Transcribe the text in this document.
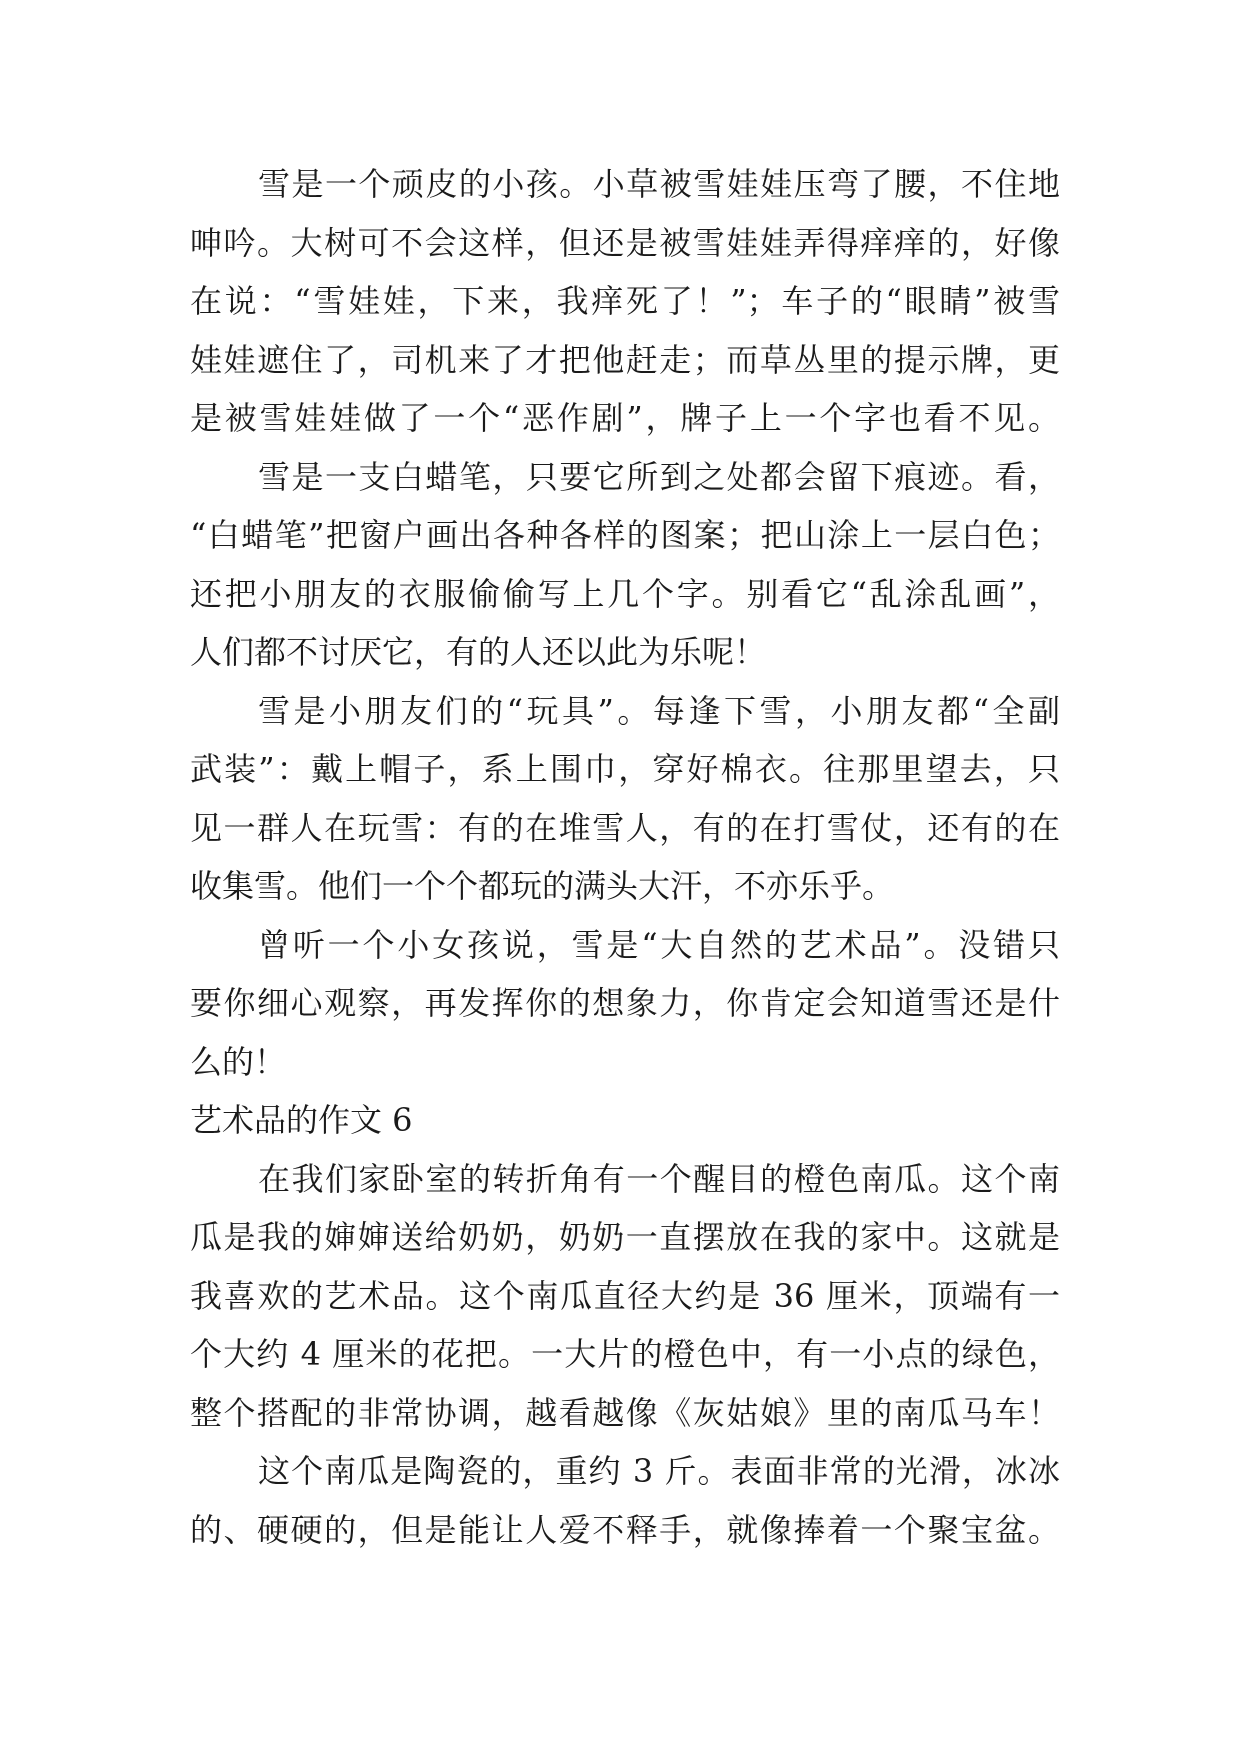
雪是一个顽皮的小孩。小草被雪娃娃压弯了腰，不住地
呻吟。大树可不会这样，但还是被雪娃娃弄得痒痒的，好像
在说：“雪娃娃，下来，我痒死了！”；车子的“眼睛”被雪
娃娃遮住了，司机来了才把他赶走；而草丛里的提示牌，更
是被雪娃娃做了一个“恶作剧”，牌子上一个字也看不见。
雪是一支白蜡笔，只要它所到之处都会留下痕迹。看，
“白蜡笔”把窗户画出各种各样的图案；把山涂上一层白色；
还把小朋友的衣服偷偷写上几个字。别看它“乱涂乱画”，
人们都不讨厌它，有的人还以此为乐呢！
雪是小朋友们的“玩具”。每逢下雪，小朋友都“全副
武装”：戴上帽子，系上围巾，穿好棉衣。往那里望去，只
见一群人在玩雪：有的在堆雪人，有的在打雪仗，还有的在
收集雪。他们一个个都玩的满头大汗，不亦乐乎。
曾听一个小女孩说，雪是“大自然的艺术品”。没错只
要你细心观察，再发挥你的想象力，你肯定会知道雪还是什
么的！
艺术品的作文 6
在我们家卧室的转折角有一个醒目的橙色南瓜。这个南
瓜是我的婶婶送给奶奶，奶奶一直摆放在我的家中。这就是
我喜欢的艺术品。这个南瓜直径大约是 36 厘米，顶端有一
个大约 4 厘米的花把。一大片的橙色中，有一小点的绿色，
整个搭配的非常协调，越看越像《灰姑娘》里的南瓜马车！
这个南瓜是陶瓷的，重约 3 斤。表面非常的光滑，冰冰
的、硬硬的，但是能让人爱不释手，就像捧着一个聚宝盆。
